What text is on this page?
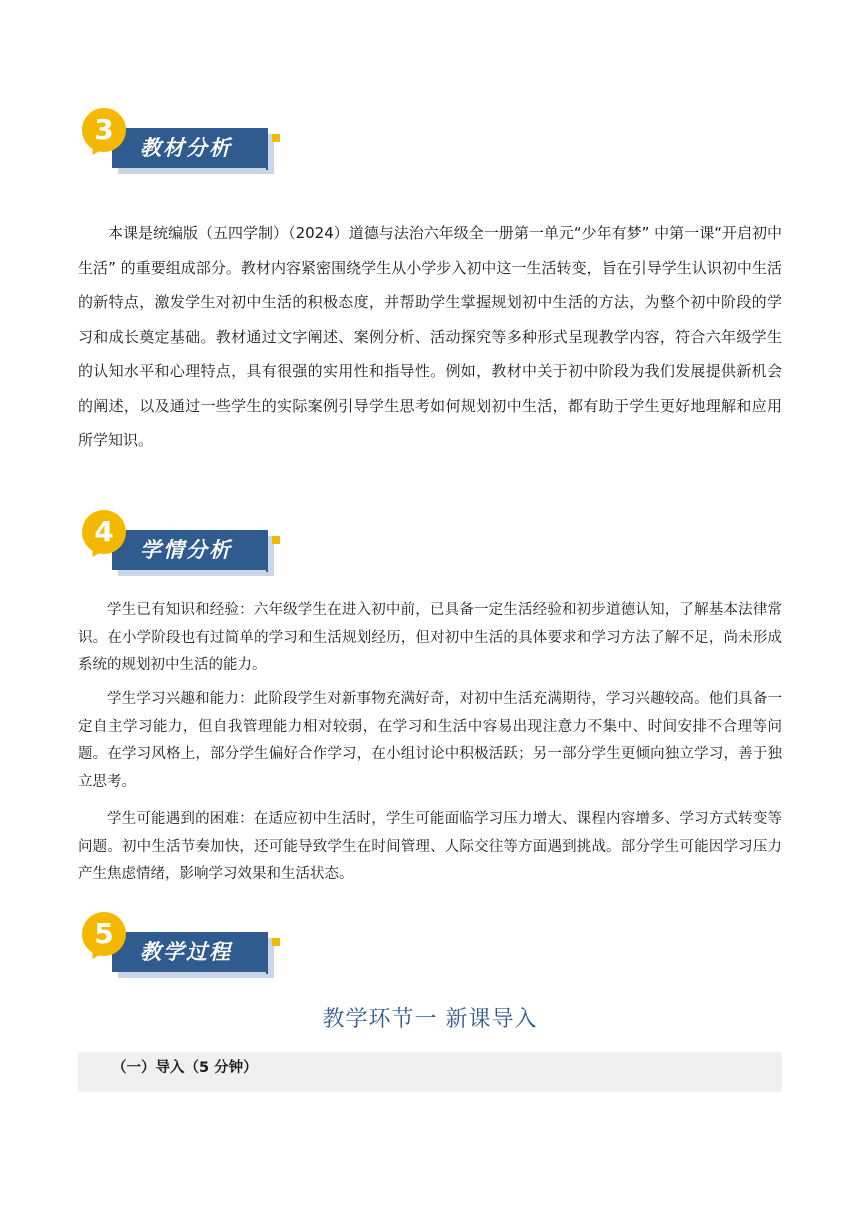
教材分析
3

本课是统编版（五四学制）（2024）道德与法治六年级全一册第一单元“少年有梦” 中第一课“开启初中生活” 的重要组成部分。教材内容紧密围绕学生从小学步入初中这一生活转变，旨在引导学生认识初中生活的新特点，激发学生对初中生活的积极态度，并帮助学生掌握规划初中生活的方法，为整个初中阶段的学习和成长奠定基础。教材通过文字阐述、案例分析、活动探究等多种形式呈现教学内容，符合六年级学生的认知水平和心理特点，具有很强的实用性和指导性。例如，教材中关于初中阶段为我们发展提供新机会的阐述，以及通过一些学生的实际案例引导学生思考如何规划初中生活，都有助于学生更好地理解和应用所学知识。

学情分析
4

学生已有知识和经验：六年级学生在进入初中前，已具备一定生活经验和初步道德认知，了解基本法律常识。在小学阶段也有过简单的学习和生活规划经历，但对初中生活的具体要求和学习方法了解不足，尚未形成系统的规划初中生活的能力。

学生学习兴趣和能力：此阶段学生对新事物充满好奇，对初中生活充满期待，学习兴趣较高。他们具备一定自主学习能力，但自我管理能力相对较弱，在学习和生活中容易出现注意力不集中、时间安排不合理等问题。在学习风格上，部分学生偏好合作学习，在小组讨论中积极活跃；另一部分学生更倾向独立学习，善于独立思考。

学生可能遇到的困难：在适应初中生活时，学生可能面临学习压力增大、课程内容增多、学习方式转变等问题。初中生活节奏加快，还可能导致学生在时间管理、人际交往等方面遇到挑战。部分学生可能因学习压力产生焦虑情绪，影响学习效果和生活状态。

教学过程
5
教学环节一 新课导入
（一）导入（5 分钟）
